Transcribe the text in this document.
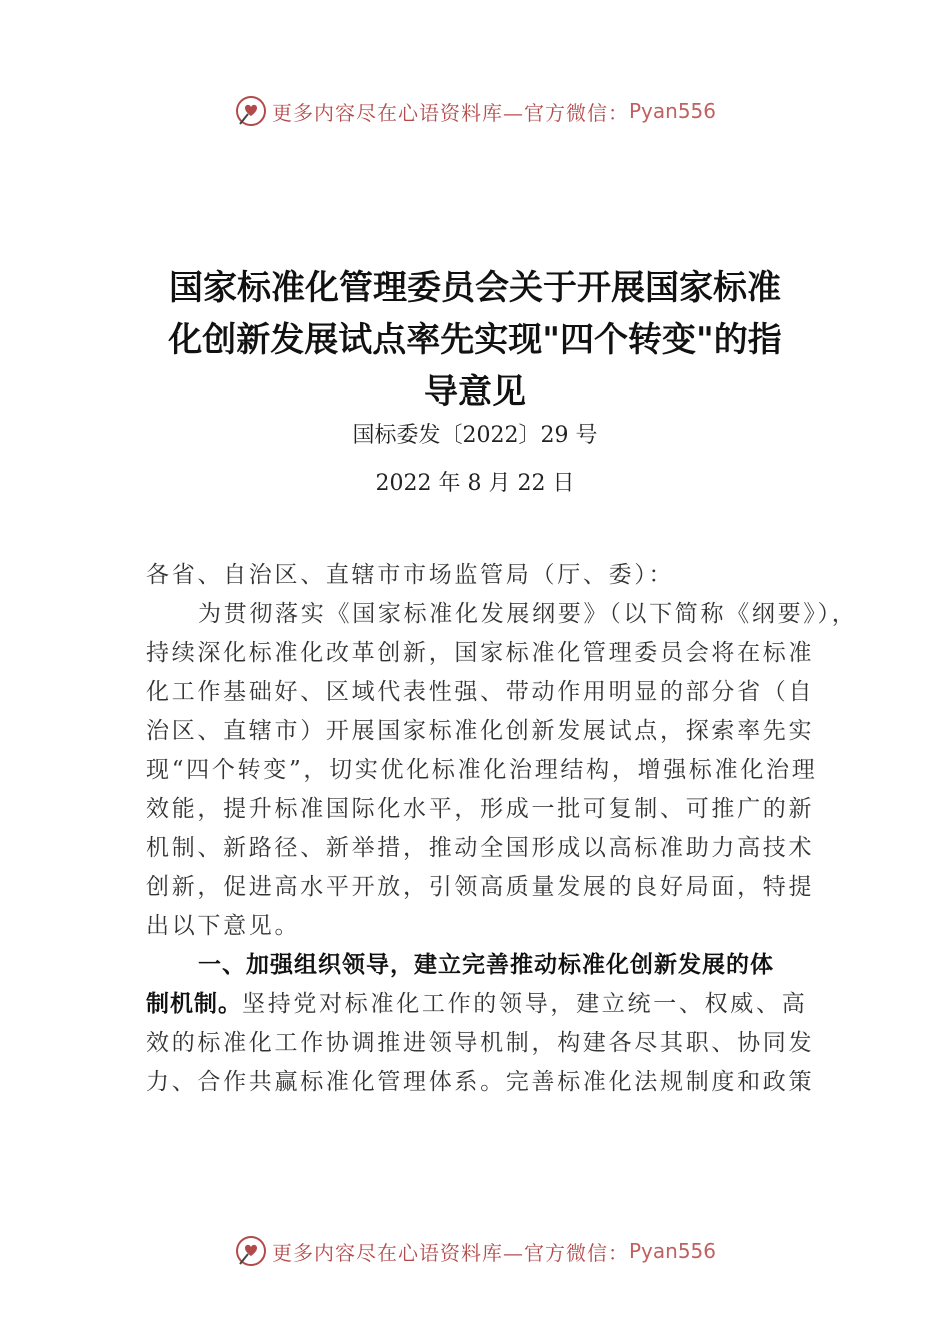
更多内容尽在心语资料库—官方微信： Pyan556
国家标准化管理委员会关于开展国家标准
化创新发展试点率先实现"四个转变"的指
导意见
国标委发〔2022〕29 号
2022 年 8 月 22 日
各省、自治区、直辖市市场监管局（厅、委）：
为贯彻落实《国家标准化发展纲要》（以下简称《纲要》），
持续深化标准化改革创新，国家标准化管理委员会将在标准
化工作基础好、区域代表性强、带动作用明显的部分省（自
治区、直辖市）开展国家标准化创新发展试点，探索率先实
现“四个转变”，切实优化标准化治理结构，增强标准化治理
效能，提升标准国际化水平，形成一批可复制、可推广的新
机制、新路径、新举措，推动全国形成以高标准助力高技术
创新，促进高水平开放，引领高质量发展的良好局面，特提
出以下意见。
一、加强组织领导，建立完善推动标准化创新发展的体
制机制。坚持党对标准化工作的领导，建立统一、权威、高
效的标准化工作协调推进领导机制，构建各尽其职、协同发
力、合作共赢标准化管理体系。完善标准化法规制度和政策
更多内容尽在心语资料库—官方微信： Pyan556
